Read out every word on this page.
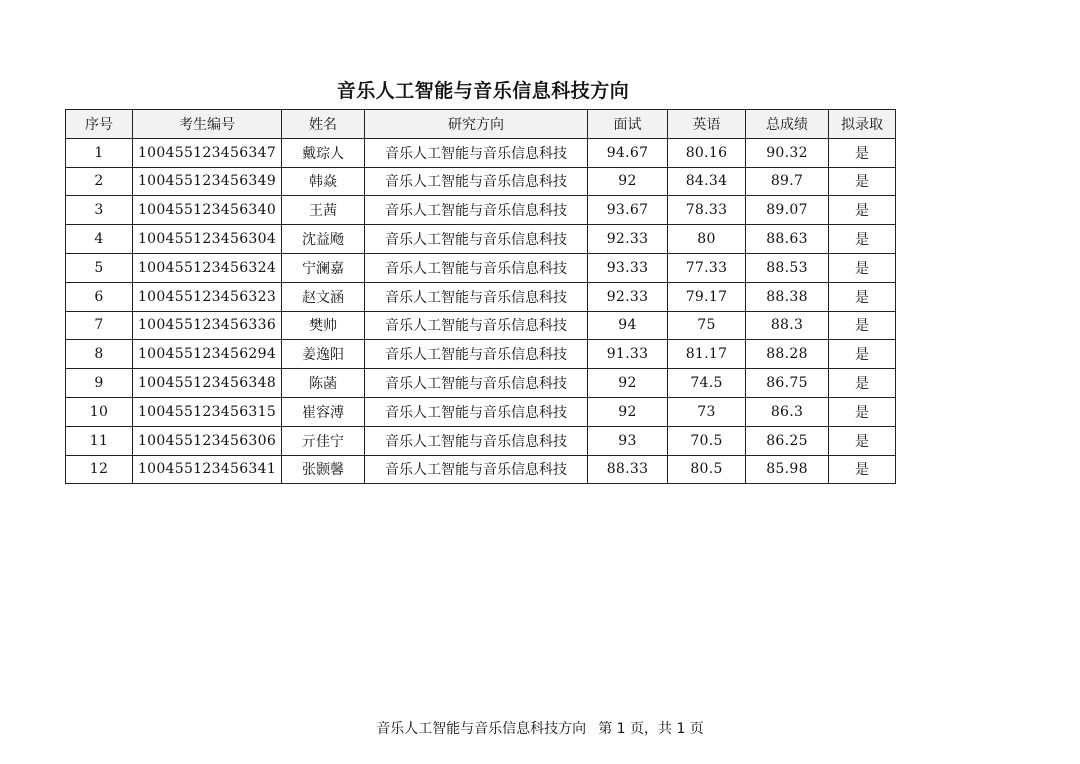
音乐人工智能与音乐信息科技方向
序号	考生编号	姓名	研究方向	面试	英语	总成绩	拟录取
1	100455123456347	戴琮人	音乐人工智能与音乐信息科技	94.67	80.16	90.32	是
2	100455123456349	韩焱	音乐人工智能与音乐信息科技	92	84.34	89.7	是
3	100455123456340	王茜	音乐人工智能与音乐信息科技	93.67	78.33	89.07	是
4	100455123456304	沈益飏	音乐人工智能与音乐信息科技	92.33	80	88.63	是
5	100455123456324	宁澜嘉	音乐人工智能与音乐信息科技	93.33	77.33	88.53	是
6	100455123456323	赵文涵	音乐人工智能与音乐信息科技	92.33	79.17	88.38	是
7	100455123456336	樊帅	音乐人工智能与音乐信息科技	94	75	88.3	是
8	100455123456294	姜逸阳	音乐人工智能与音乐信息科技	91.33	81.17	88.28	是
9	100455123456348	陈菡	音乐人工智能与音乐信息科技	92	74.5	86.75	是
10	100455123456315	崔容溥	音乐人工智能与音乐信息科技	92	73	86.3	是
11	100455123456306	亓佳宁	音乐人工智能与音乐信息科技	93	70.5	86.25	是
12	100455123456341	张颢馨	音乐人工智能与音乐信息科技	88.33	80.5	85.98	是
音乐人工智能与音乐信息科技方向 第 1 页，共 1 页
